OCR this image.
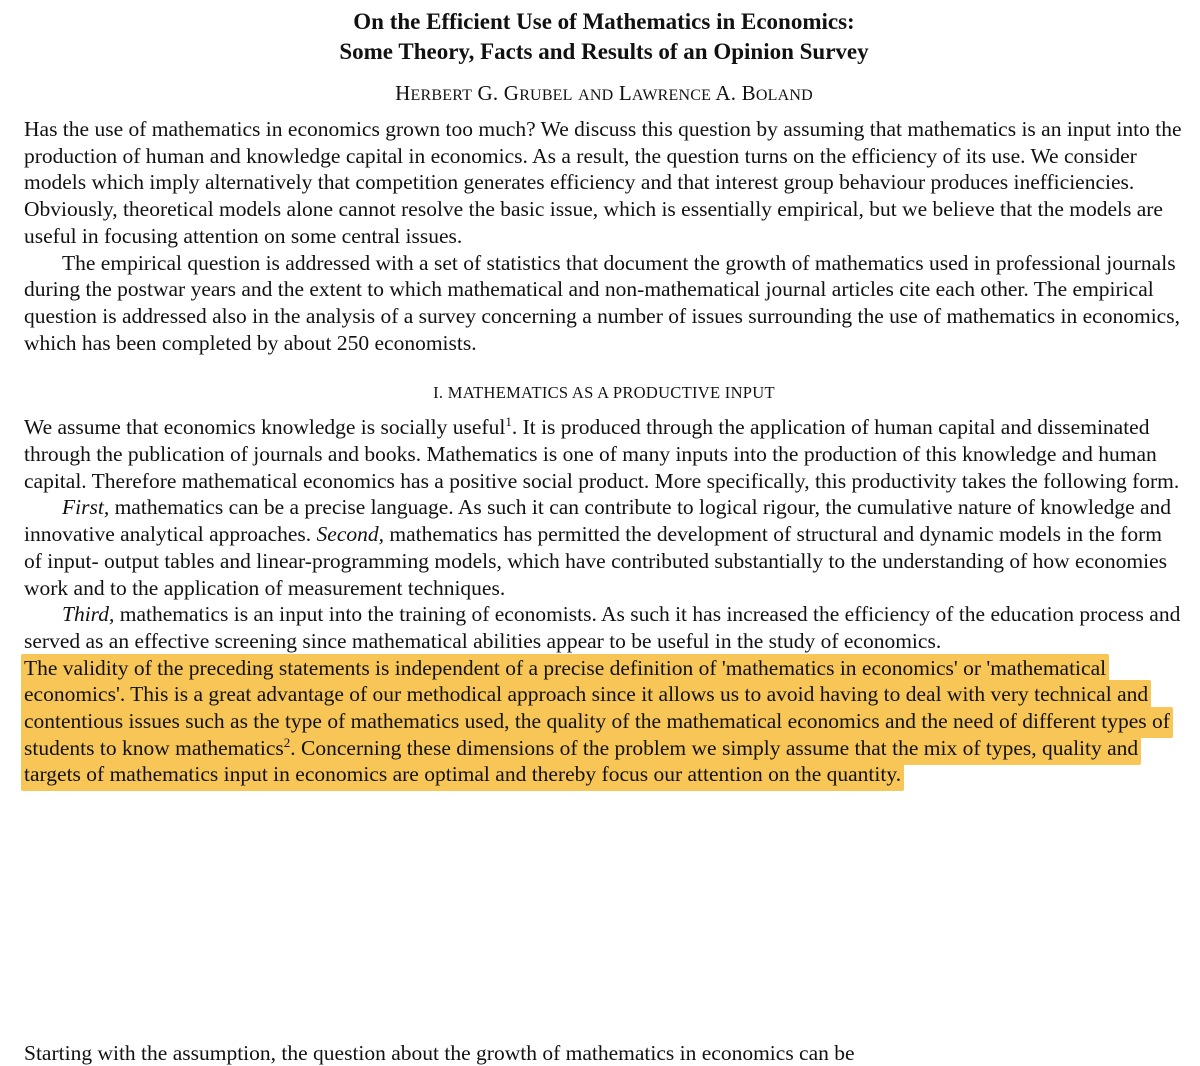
On the Efficient Use of Mathematics in Economics:
Some Theory, Facts and Results of an Opinion Survey
HERBERT G. GRUBEL AND LAWRENCE A. BOLAND

Has the use of mathematics in economics grown too much? We discuss this question by assuming that mathematics is an input into the production of human and knowledge capital in economics. As a result, the question turns on the efficiency of its use. We consider models which imply alternatively that competition generates efficiency and that interest group behaviour produces inefficiencies. Obviously, theoretical models alone cannot resolve the basic issue, which is essentially empirical, but we believe that the models are useful in focusing attention on some central issues.

The empirical question is addressed with a set of statistics that document the growth of mathematics used in professional journals during the postwar years and the extent to which mathematical and non-mathematical journal articles cite each other. The empirical question is addressed also in the analysis of a survey concerning a number of issues surrounding the use of mathematics in economics, which has been completed by about 250 economists.

I. MATHEMATICS AS A PRODUCTIVE INPUT

We assume that economics knowledge is socially useful$^1$. It is produced through the application of human capital and disseminated through the publication of journals and books. Mathematics is one of many inputs into the production of this knowledge and human capital. Therefore mathematical economics has a positive social product. More specifically, this productivity takes the following form.

First, mathematics can be a precise language. As such it can contribute to logical rigour, the cumulative nature of knowledge and innovative analytical approaches. Second, mathematics has permitted the development of structural and dynamic models in the form of input- output tables and linear-programming models, which have contributed substantially to the understanding of how economies work and to the application of measurement techniques.

Third, mathematics is an input into the training of economists. As such it has increased the efficiency of the education process and served as an effective screening since mathematical abilities appear to be useful in the study of economics.

The validity of the preceding statements is independent of a precise definition of 'mathematics in economics' or 'mathematical economics'. This is a great advantage of our methodical approach since it allows us to avoid having to deal with very technical and contentious issues such as the type of mathematics used, the quality of the mathematical economics and the need of different types of students to know mathematics$^2$. Concerning these dimensions of the problem we simply assume that the mix of types, quality and targets of mathematics input in economics are optimal and thereby focus our attention on the quantity.

Starting with the assumption, the question about the growth of mathematics in economics can be
